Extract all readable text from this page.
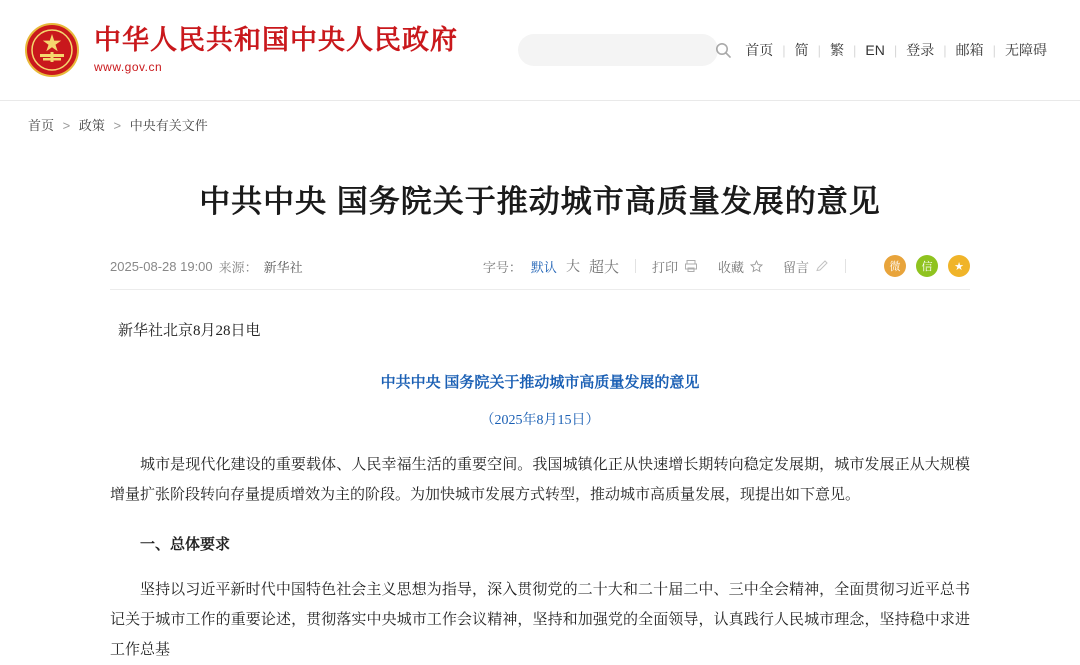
中华人民共和国中央人民政府
www.gov.cn
首页 | 简 | 繁 | EN | 登录 | 邮箱 | 无障碍
首页 > 政策 > 中央有关文件
中共中央 国务院关于推动城市高质量发展的意见
2025-08-28 19:00 来源： 新华社	字号： 默认 大 超大	打印	收藏	留言	微	信	★
新华社北京8月28日电
中共中央 国务院关于推动城市高质量发展的意见
（2025年8月15日）

城市是现代化建设的重要载体、人民幸福生活的重要空间。我国城镇化正从快速增长期转向稳定发展期，城市发展正从大规模增量扩张阶段转向存量提质增效为主的阶段。为加快城市发展方式转型，推动城市高质量发展，现提出如下意见。

一、总体要求

坚持以习近平新时代中国特色社会主义思想为指导，深入贯彻党的二十大和二十届二中、三中全会精神，全面贯彻习近平总书记关于城市工作的重要论述，贯彻落实中央城市工作会议精神，坚持和加强党的全面领导，认真践行人民城市理念，坚持稳中求进工作总基
